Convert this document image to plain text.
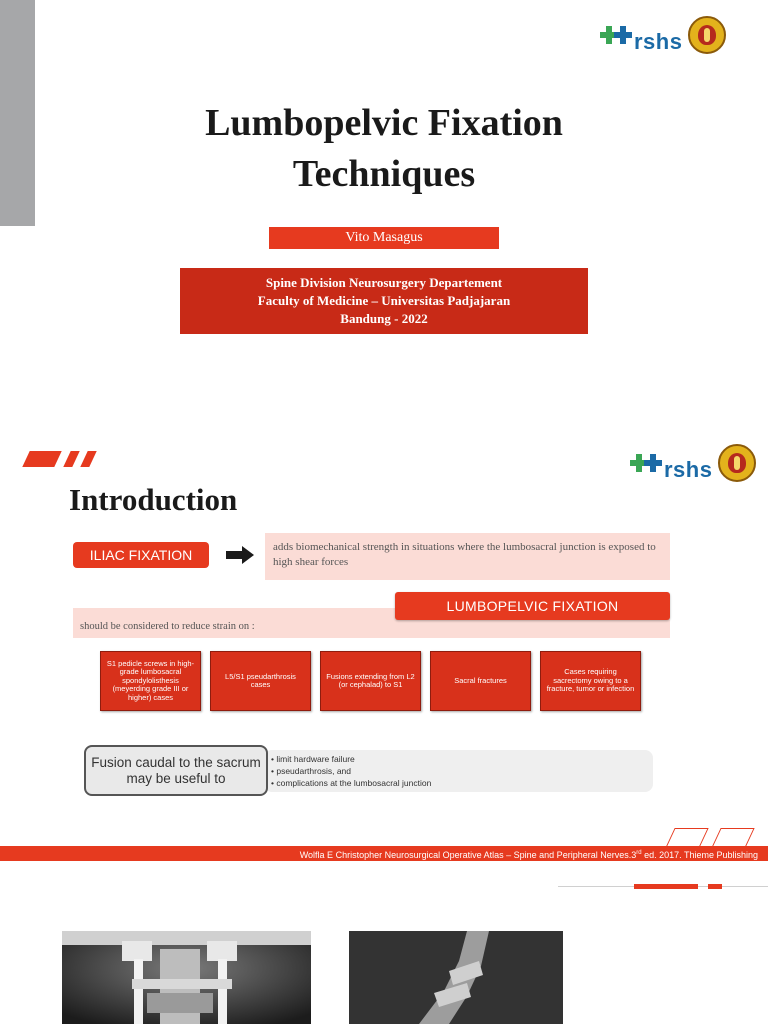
rshs
Lumbopelvic Fixation
Techniques
Vito Masagus
Spine Division Neurosurgery Departement
Faculty of Medicine – Universitas Padjajaran
Bandung - 2022
rshs
Introduction
ILIAC FIXATION	adds biomechanical strength in situations where the lumbosacral junction is exposed to high shear forces
LUMBOPELVIC FIXATION
should be considered to reduce strain on :
S1 pedicle screws in high-grade lumbosacral spondylolisthesis (meyerding grade III or higher) cases
L5/S1 pseudarthrosis cases
Fusions extending from L2 (or cephalad) to S1	Sacral fractures
Cases requiring sacrectomy owing to a fracture, tumor or infection
Fusion caudal to the sacrum may be useful to
• limit hardware failure
• pseudarthrosis, and
• complications at the lumbosacral junction
Wolfla E Christopher Neurosurgical Operative Atlas – Spine and Peripheral Nerves.3rd ed. 2017. Thieme Publishing
